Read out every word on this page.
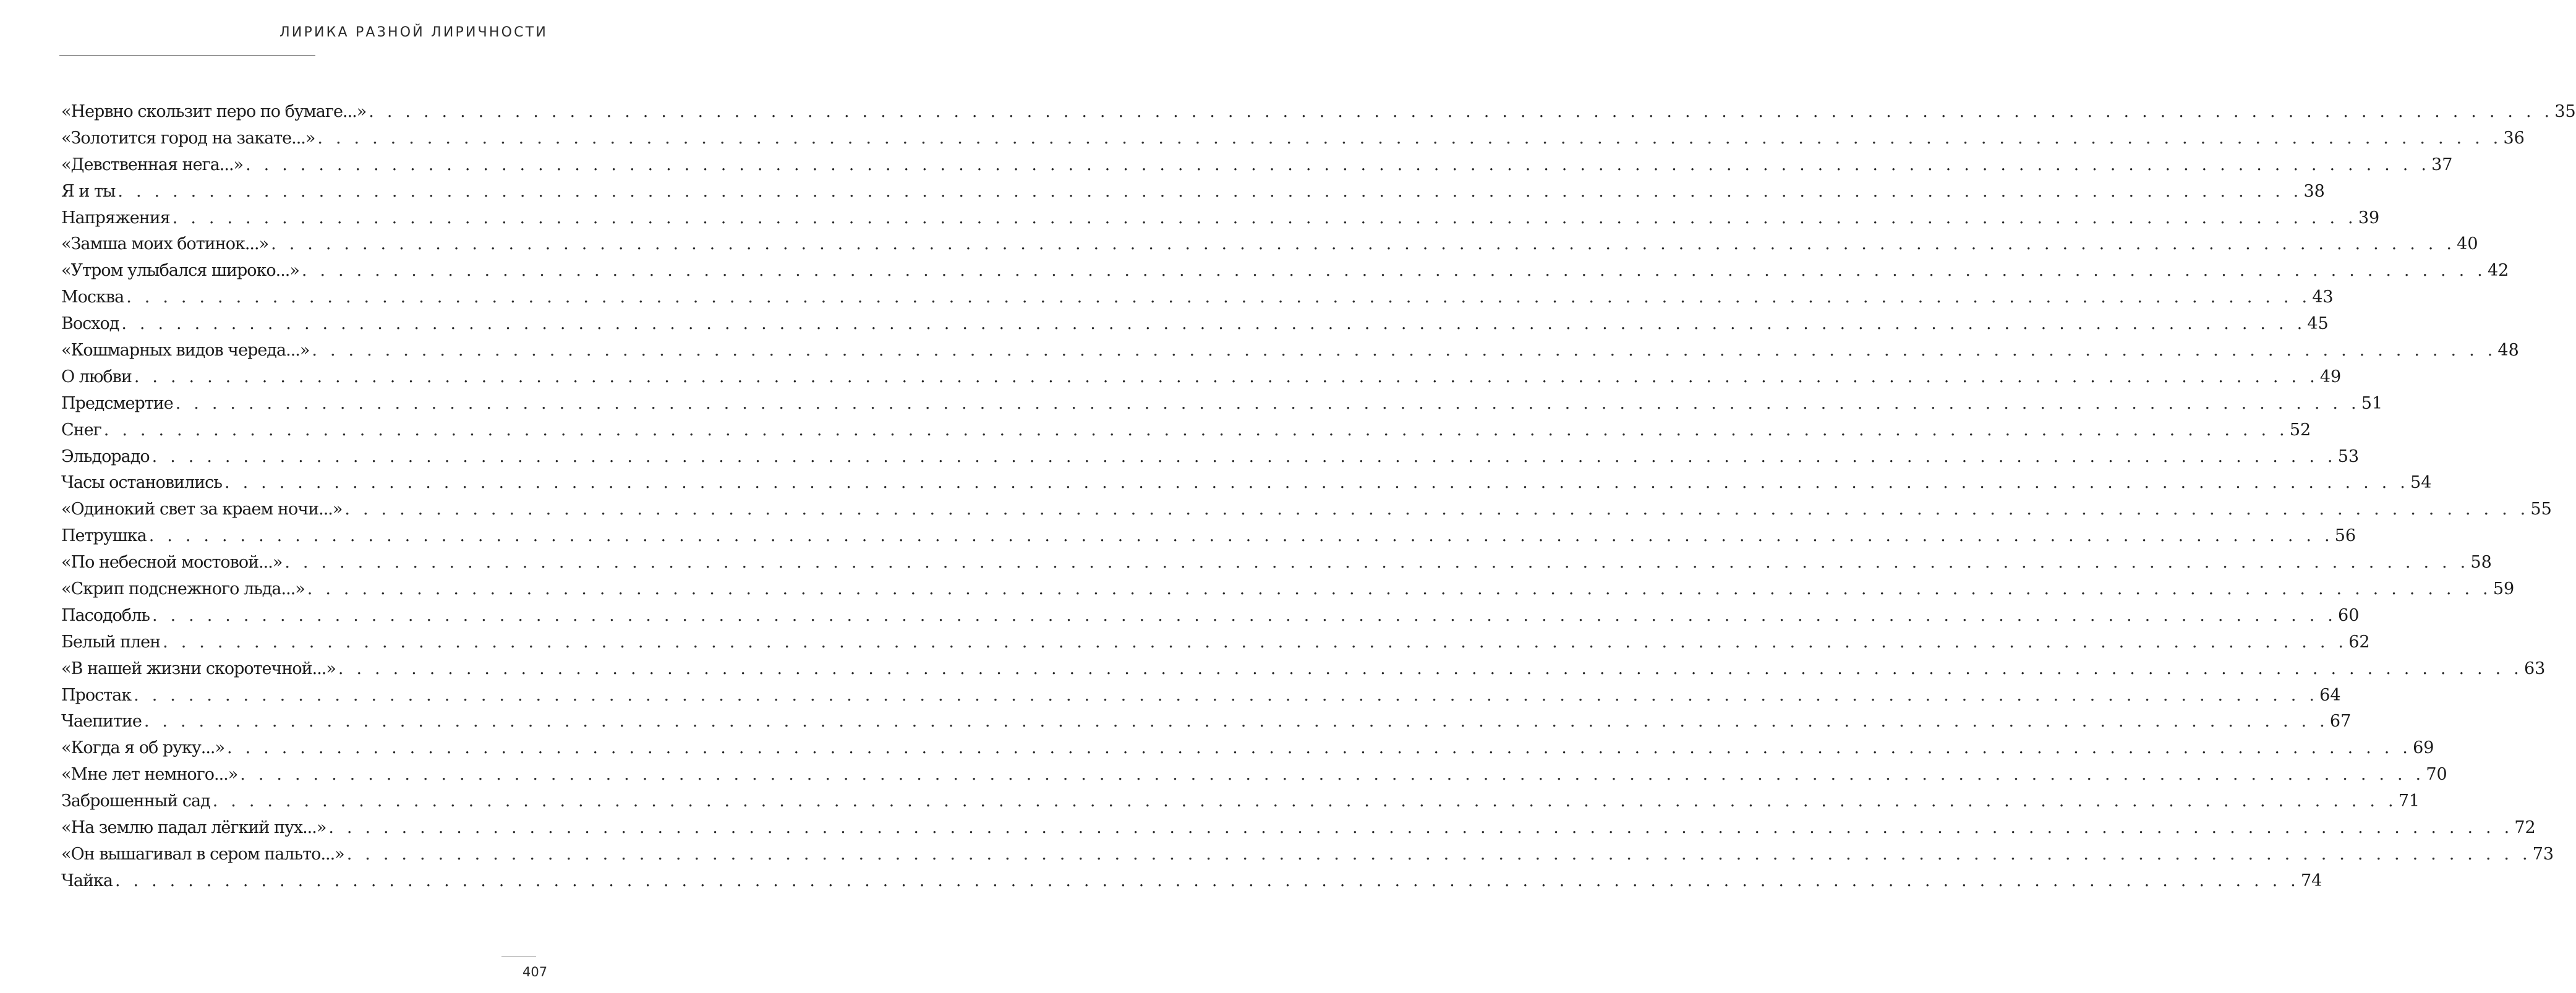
ЛИРИКА РАЗНОЙ ЛИРИЧНОСТИ
«Нервно скользит перо по бумаге...» . . . . . . . . . . . . . . . . . . . . . . . . . . . . . . . . . . . . . . . . . . . . . . . . . . . . . . . . . . . . . . . . . . . . . . . . . . . . . . . . . . . . . . . . . . . . . . . . . . . . . . . . . . . . . . . . . . . . . . . . 35
«Золотится город на закате...» . . . . . . . . . . . . . . . . . . . . . . . . . . . . . . . . . . . . . . . . . . . . . . . . . . . . . . . . . . . . . . . . . . . . . . . . . . . . . . . . . . . . . . . . . . . . . . . . . . . . . . . . . . . . . . . . . . . . . . . . 36
«Девственная нега...» . . . . . . . . . . . . . . . . . . . . . . . . . . . . . . . . . . . . . . . . . . . . . . . . . . . . . . . . . . . . . . . . . . . . . . . . . . . . . . . . . . . . . . . . . . . . . . . . . . . . . . . . . . . . . . . . . . . . . . . . 37
Я и ты . . . . . . . . . . . . . . . . . . . . . . . . . . . . . . . . . . . . . . . . . . . . . . . . . . . . . . . . . . . . . . . . . . . . . . . . . . . . . . . . . . . . . . . . . . . . . . . . . . . . . . . . . . . . . . . . . . . . . . . . 38
Напряжения . . . . . . . . . . . . . . . . . . . . . . . . . . . . . . . . . . . . . . . . . . . . . . . . . . . . . . . . . . . . . . . . . . . . . . . . . . . . . . . . . . . . . . . . . . . . . . . . . . . . . . . . . . . . . . . . . . . . . . . . 39
«Замша моих ботинок...» . . . . . . . . . . . . . . . . . . . . . . . . . . . . . . . . . . . . . . . . . . . . . . . . . . . . . . . . . . . . . . . . . . . . . . . . . . . . . . . . . . . . . . . . . . . . . . . . . . . . . . . . . . . . . . . . . . . . . . . . 40
«Утром улыбался широко...» . . . . . . . . . . . . . . . . . . . . . . . . . . . . . . . . . . . . . . . . . . . . . . . . . . . . . . . . . . . . . . . . . . . . . . . . . . . . . . . . . . . . . . . . . . . . . . . . . . . . . . . . . . . . . . . . . . . . . . . . 42
Москва . . . . . . . . . . . . . . . . . . . . . . . . . . . . . . . . . . . . . . . . . . . . . . . . . . . . . . . . . . . . . . . . . . . . . . . . . . . . . . . . . . . . . . . . . . . . . . . . . . . . . . . . . . . . . . . . . . . . . . . . 43
Восход . . . . . . . . . . . . . . . . . . . . . . . . . . . . . . . . . . . . . . . . . . . . . . . . . . . . . . . . . . . . . . . . . . . . . . . . . . . . . . . . . . . . . . . . . . . . . . . . . . . . . . . . . . . . . . . . . . . . . . . . 45
«Кошмарных видов череда...» . . . . . . . . . . . . . . . . . . . . . . . . . . . . . . . . . . . . . . . . . . . . . . . . . . . . . . . . . . . . . . . . . . . . . . . . . . . . . . . . . . . . . . . . . . . . . . . . . . . . . . . . . . . . . . . . . . . . . . . . 48
О любви . . . . . . . . . . . . . . . . . . . . . . . . . . . . . . . . . . . . . . . . . . . . . . . . . . . . . . . . . . . . . . . . . . . . . . . . . . . . . . . . . . . . . . . . . . . . . . . . . . . . . . . . . . . . . . . . . . . . . . . . 49
Предсмертие . . . . . . . . . . . . . . . . . . . . . . . . . . . . . . . . . . . . . . . . . . . . . . . . . . . . . . . . . . . . . . . . . . . . . . . . . . . . . . . . . . . . . . . . . . . . . . . . . . . . . . . . . . . . . . . . . . . . . . . . 51
Снег . . . . . . . . . . . . . . . . . . . . . . . . . . . . . . . . . . . . . . . . . . . . . . . . . . . . . . . . . . . . . . . . . . . . . . . . . . . . . . . . . . . . . . . . . . . . . . . . . . . . . . . . . . . . . . . . . . . . . . . . 52
Эльдорадо . . . . . . . . . . . . . . . . . . . . . . . . . . . . . . . . . . . . . . . . . . . . . . . . . . . . . . . . . . . . . . . . . . . . . . . . . . . . . . . . . . . . . . . . . . . . . . . . . . . . . . . . . . . . . . . . . . . . . . . . 53
Часы остановились . . . . . . . . . . . . . . . . . . . . . . . . . . . . . . . . . . . . . . . . . . . . . . . . . . . . . . . . . . . . . . . . . . . . . . . . . . . . . . . . . . . . . . . . . . . . . . . . . . . . . . . . . . . . . . . . . . . . . . . . 54
«Одинокий свет за краем ночи...» . . . . . . . . . . . . . . . . . . . . . . . . . . . . . . . . . . . . . . . . . . . . . . . . . . . . . . . . . . . . . . . . . . . . . . . . . . . . . . . . . . . . . . . . . . . . . . . . . . . . . . . . . . . . . . . . . . . . . . . . 55
Петрушка . . . . . . . . . . . . . . . . . . . . . . . . . . . . . . . . . . . . . . . . . . . . . . . . . . . . . . . . . . . . . . . . . . . . . . . . . . . . . . . . . . . . . . . . . . . . . . . . . . . . . . . . . . . . . . . . . . . . . . . . 56
«По небесной мостовой...» . . . . . . . . . . . . . . . . . . . . . . . . . . . . . . . . . . . . . . . . . . . . . . . . . . . . . . . . . . . . . . . . . . . . . . . . . . . . . . . . . . . . . . . . . . . . . . . . . . . . . . . . . . . . . . . . . . . . . . . . 58
«Скрип подснежного льда...» . . . . . . . . . . . . . . . . . . . . . . . . . . . . . . . . . . . . . . . . . . . . . . . . . . . . . . . . . . . . . . . . . . . . . . . . . . . . . . . . . . . . . . . . . . . . . . . . . . . . . . . . . . . . . . . . . . . . . . . . 59
Пасодобль . . . . . . . . . . . . . . . . . . . . . . . . . . . . . . . . . . . . . . . . . . . . . . . . . . . . . . . . . . . . . . . . . . . . . . . . . . . . . . . . . . . . . . . . . . . . . . . . . . . . . . . . . . . . . . . . . . . . . . . . 60
Белый плен . . . . . . . . . . . . . . . . . . . . . . . . . . . . . . . . . . . . . . . . . . . . . . . . . . . . . . . . . . . . . . . . . . . . . . . . . . . . . . . . . . . . . . . . . . . . . . . . . . . . . . . . . . . . . . . . . . . . . . . . 62
«В нашей жизни скоротечной...» . . . . . . . . . . . . . . . . . . . . . . . . . . . . . . . . . . . . . . . . . . . . . . . . . . . . . . . . . . . . . . . . . . . . . . . . . . . . . . . . . . . . . . . . . . . . . . . . . . . . . . . . . . . . . . . . . . . . . . . . 63
Простак . . . . . . . . . . . . . . . . . . . . . . . . . . . . . . . . . . . . . . . . . . . . . . . . . . . . . . . . . . . . . . . . . . . . . . . . . . . . . . . . . . . . . . . . . . . . . . . . . . . . . . . . . . . . . . . . . . . . . . . . 64
Чаепитие . . . . . . . . . . . . . . . . . . . . . . . . . . . . . . . . . . . . . . . . . . . . . . . . . . . . . . . . . . . . . . . . . . . . . . . . . . . . . . . . . . . . . . . . . . . . . . . . . . . . . . . . . . . . . . . . . . . . . . . . 67
«Когда я об руку...» . . . . . . . . . . . . . . . . . . . . . . . . . . . . . . . . . . . . . . . . . . . . . . . . . . . . . . . . . . . . . . . . . . . . . . . . . . . . . . . . . . . . . . . . . . . . . . . . . . . . . . . . . . . . . . . . . . . . . . . . 69
«Мне лет немного...» . . . . . . . . . . . . . . . . . . . . . . . . . . . . . . . . . . . . . . . . . . . . . . . . . . . . . . . . . . . . . . . . . . . . . . . . . . . . . . . . . . . . . . . . . . . . . . . . . . . . . . . . . . . . . . . . . . . . . . . . 70
Заброшенный сад . . . . . . . . . . . . . . . . . . . . . . . . . . . . . . . . . . . . . . . . . . . . . . . . . . . . . . . . . . . . . . . . . . . . . . . . . . . . . . . . . . . . . . . . . . . . . . . . . . . . . . . . . . . . . . . . . . . . . . . . 71
«На землю падал лёгкий пух...» . . . . . . . . . . . . . . . . . . . . . . . . . . . . . . . . . . . . . . . . . . . . . . . . . . . . . . . . . . . . . . . . . . . . . . . . . . . . . . . . . . . . . . . . . . . . . . . . . . . . . . . . . . . . . . . . . . . . . . . . 72
«Он вышагивал в сером пальто...» . . . . . . . . . . . . . . . . . . . . . . . . . . . . . . . . . . . . . . . . . . . . . . . . . . . . . . . . . . . . . . . . . . . . . . . . . . . . . . . . . . . . . . . . . . . . . . . . . . . . . . . . . . . . . . . . . . . . . . . . 73
Чайка . . . . . . . . . . . . . . . . . . . . . . . . . . . . . . . . . . . . . . . . . . . . . . . . . . . . . . . . . . . . . . . . . . . . . . . . . . . . . . . . . . . . . . . . . . . . . . . . . . . . . . . . . . . . . . . . . . . . . . . . 74
407
